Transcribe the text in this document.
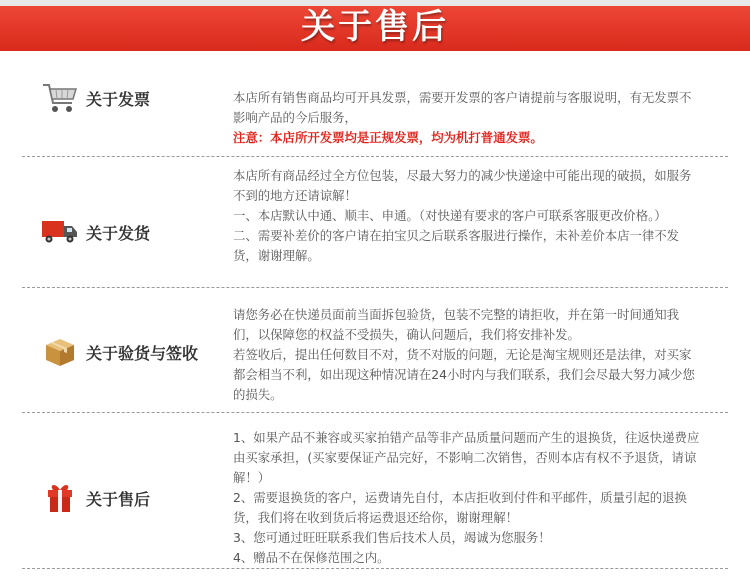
关于售后
关于发票	本店所有销售商品均可开具发票，需要开发票的客户请提前与客服说明，有无发票不影响产品的今后服务，

注意：本店所开发票均是正规发票，均为机打普通发票。

关于发货

本店所有商品经过全方位包装，尽最大努力的减少快递途中可能出现的破损，如服务不到的地方还请谅解！

一、本店默认中通、顺丰、申通。（对快递有要求的客户可联系客服更改价格。）

二、需要补差价的客户请在拍宝贝之后联系客服进行操作，未补差价本店一律不发货，谢谢理解。

关于验货与签收

请您务必在快递员面前当面拆包验货，包装不完整的请拒收，并在第一时间通知我们，以保障您的权益不受损失，确认问题后，我们将安排补发。

若签收后，提出任何数目不对，货不对版的问题，无论是淘宝规则还是法律，对买家都会相当不利，如出现这种情况请在24小时内与我们联系，我们会尽最大努力减少您的损失。

关于售后

1、如果产品不兼容或买家拍错产品等非产品质量问题而产生的退换货，往返快递费应由买家承担，(买家要保证产品完好，不影响二次销售，否则本店有权不予退货，请谅解！）

2、需要退换货的客户，运费请先自付，本店拒收到付件和平邮件，质量引起的退换货，我们将在收到货后将运费退还给你，谢谢理解！

3、您可通过旺旺联系我们售后技术人员，竭诚为您服务！

4、赠品不在保修范围之内。
